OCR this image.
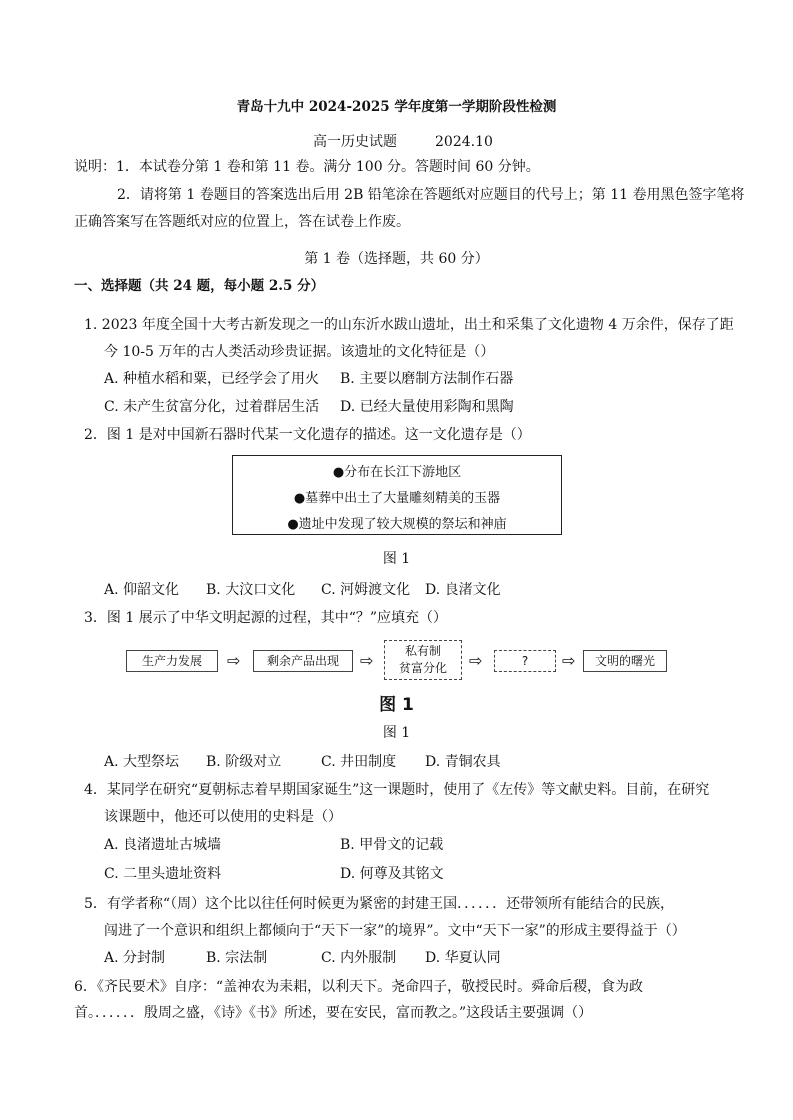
青岛十九中 2024-2025 学年度第一学期阶段性检测
高一历史试题	2024.10
说明：1．本试卷分第 1 卷和第 11 卷。满分 100 分。答题时间 60 分钟。
2．请将第 1 卷题目的答案选出后用 2B 铅笔涂在答题纸对应题目的代号上；第 11 卷用黑色签字笔将
正确答案写在答题纸对应的位置上，答在试卷上作废。
第 1 卷（选择题，共 60 分）
一、选择题（共 24 题，每小题 2.5 分）
1. 2023 年度全国十大考古新发现之一的山东沂水跋山遗址，出土和采集了文化遗物 4 万余件，保存了距
今 10-5 万年的古人类活动珍贵证据。该遗址的文化特征是（）
A. 种植水稻和粟，已经学会了用火 B. 主要以磨制方法制作石器
C. 未产生贫富分化，过着群居生活 D. 已经大量使用彩陶和黑陶
2．图 1 是对中国新石器时代某一文化遗存的描述。这一文化遗存是（）
●分布在长江下游地区
●墓葬中出土了大量雕刻精美的玉器
●遗址中发现了较大规模的祭坛和神庙
图 1
A. 仰韶文化 B. 大汶口文化 C. 河姆渡文化 D. 良渚文化
3．图 1 展示了中华文明起源的过程，其中“？”应填充（）
生产力发展	⇨	剩余产品出现	⇨	私有制
贫富分化	⇨	?	⇨	文明的曙光
图 1
图 1
A. 大型祭坛 B. 阶级对立	C. 井田制度 D. 青铜农具
4．某同学在研究“夏朝标志着早期国家诞生”这一课题时，使用了《左传》等文献史料。目前，在研究
该课题中，他还可以使用的史料是（）
A. 良渚遗址古城墙	B. 甲骨文的记载
C. 二里头遗址资料	D. 何尊及其铭文
5．有学者称“（周）这个比以往任何时候更为紧密的封建王国．．．．．．还带领所有能结合的民族，
闯进了一个意识和组织上都倾向于“天下一家”的境界”。文中“天下一家”的形成主要得益于（）
A. 分封制	B. 宗法制	C. 内外服制 D. 华夏认同
6．《齐民要术》自序：“盖神农为耒耜，以利天下。尧命四子，敬授民时。舜命后稷，食为政
首。．．．．．．殷周之盛，《诗》《书》所述，要在安民，富而教之。”这段话主要强调（）
